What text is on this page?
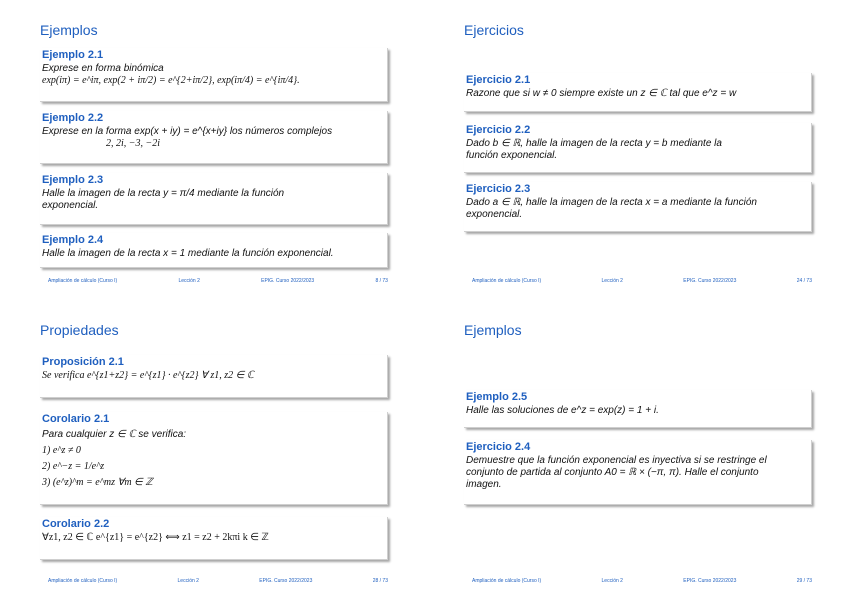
Ejemplos
Ejemplo 2.1
Exprese en forma binómica
exp(iπ) = e^iπ, exp(2 + iπ/2) = e^{2+iπ/2}, exp(iπ/4) = e^{iπ/4}.
Ejemplo 2.2
Exprese en la forma exp(x + iy) = e^{x+iy} los números complejos
2, 2i, −3, −2i
Ejemplo 2.3
Halle la imagen de la recta y = π/4 mediante la función
exponencial.
Ejemplo 2.4
Halle la imagen de la recta x = 1 mediante la función exponencial.
Ampliación de cálculo (Curso I)	Lección 2	EPIG. Curso 2022/2023	8 / 73
Ejercicios
Ejercicio 2.1
Razone que si w ≠ 0 siempre existe un z ∈ ℂ tal que e^z = w
Ejercicio 2.2
Dado b ∈ ℝ, halle la imagen de la recta y = b mediante la
función exponencial.
Ejercicio 2.3
Dado a ∈ ℝ, halle la imagen de la recta x = a mediante la función
exponencial.
Ampliación de cálculo (Curso I)	Lección 2	EPIG. Curso 2022/2023	24 / 73
Propiedades
Proposición 2.1
Se verifica e^{z1+z2} = e^{z1} · e^{z2} ∀ z1, z2 ∈ ℂ
Corolario 2.1
Para cualquier z ∈ ℂ se verifica:
1) e^z ≠ 0
2) e^−z = 1/e^z
3) (e^z)^m = e^mz ∀m ∈ ℤ
Corolario 2.2
∀z1, z2 ∈ ℂ e^{z1} = e^{z2} ⟺ z1 = z2 + 2kπi k ∈ ℤ
Ampliación de cálculo (Curso I)	Lección 2	EPIG. Curso 2022/2023	28 / 73
Ejemplos
Ejemplo 2.5
Halle las soluciones de e^z = exp(z) = 1 + i.
Ejercicio 2.4
Demuestre que la función exponencial es inyectiva si se restringe el
conjunto de partida al conjunto A0 = ℝ × (−π, π). Halle el conjunto
imagen.
Ampliación de cálculo (Curso I)	Lección 2	EPIG. Curso 2022/2023	29 / 73
